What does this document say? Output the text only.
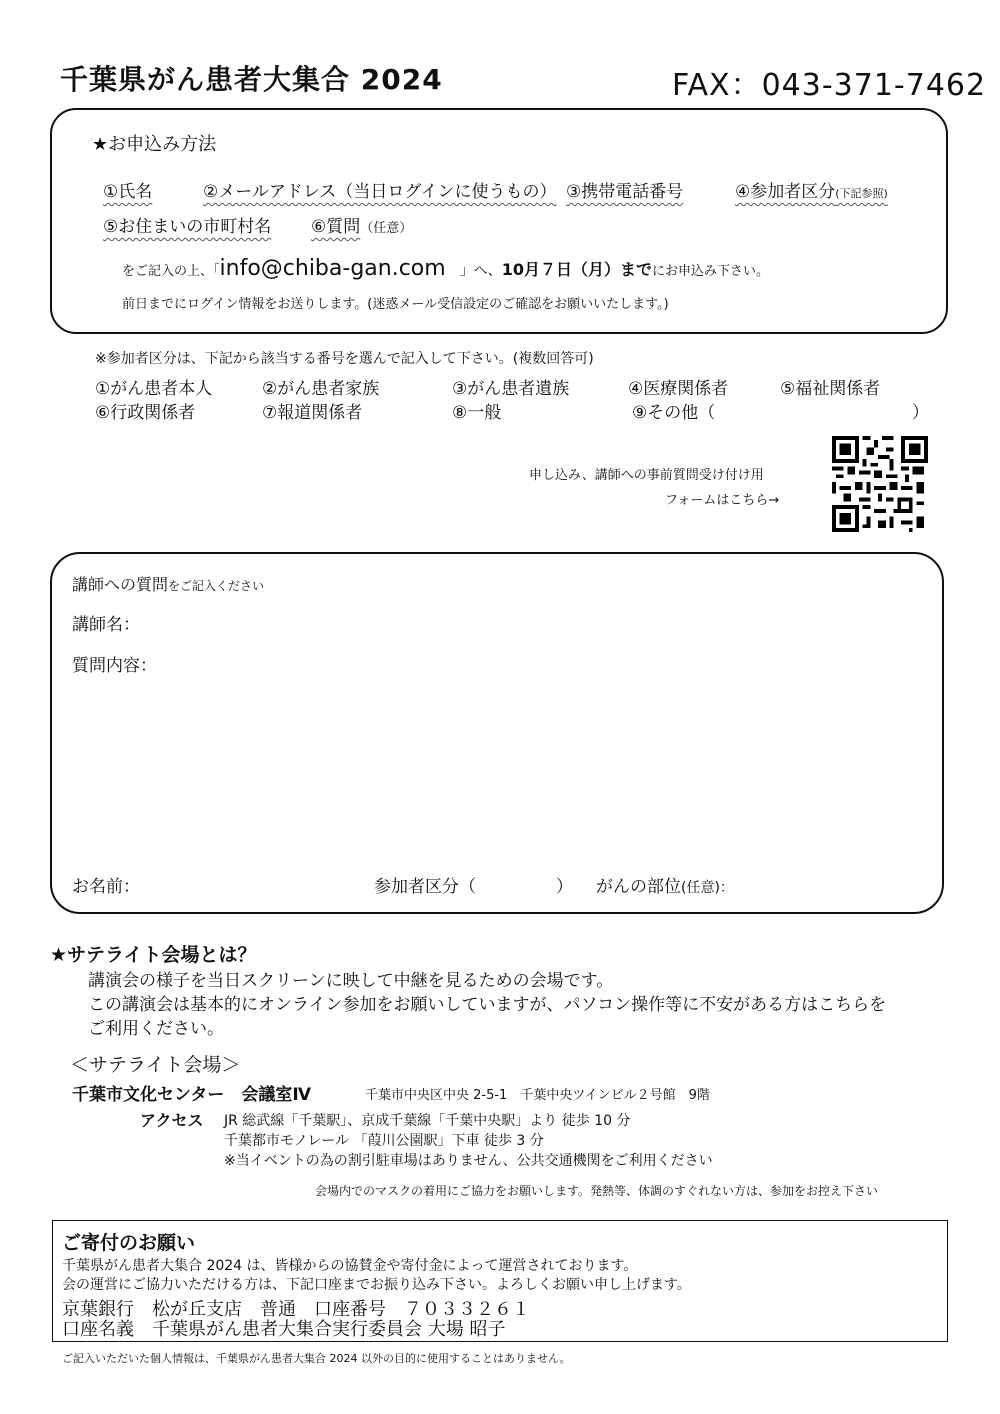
千葉県がん患者大集合 2024	FAX：043-371-7462
★お申込み方法
①氏名	②メールアドレス（当日ログインに使うもの） ③携帯電話番号	④参加者区分(下記参照)
⑤お住まいの市町村名 ⑥質問（任意）
をご記入の上、「info@chiba-gan.com 」へ、10月７日（月）までにお申込み下さい。
前日までにログイン情報をお送りします。(迷惑メール受信設定のご確認をお願いいたします。)
※参加者区分は、下記から該当する番号を選んで記入して下さい。(複数回答可)
①がん患者本人	②がん患者家族	③がん患者遺族	④医療関係者	⑤福祉関係者
⑥行政関係者	⑦報道関係者	⑧一般	⑨その他（	）
申し込み、講師への事前質問受け付け用
フォームはこちら→
講師への質問をご記入ください
講師名：
質問内容：
お名前：	参加者区分（	） がんの部位(任意)：
★サテライト会場とは？
講演会の様子を当日スクリーンに映して中継を見るための会場です。
この講演会は基本的にオンライン参加をお願いしていますが、パソコン操作等に不安がある方はこちらを
ご利用ください。
＜サテライト会場＞
千葉市文化センター　会議室Ⅳ	千葉市中央区中央 2-5-1　千葉中央ツインビル２号館　9階
アクセス JR 総武線「千葉駅」、京成千葉線「千葉中央駅」より 徒歩 10 分
千葉都市モノレール 「葭川公園駅」下車 徒歩 3 分
※当イベントの為の割引駐車場はありません、公共交通機関をご利用ください
会場内でのマスクの着用にご協力をお願いします。発熱等、体調のすぐれない方は、参加をお控え下さい
ご寄付のお願い
千葉県がん患者大集合 2024 は、皆様からの協賛金や寄付金によって運営されております。
会の運営にご協力いただける方は、下記口座までお振り込み下さい。よろしくお願い申し上げます。
京葉銀行　松が丘支店　普通　口座番号　７０３３２６１
口座名義　千葉県がん患者大集合実行委員会 大場 昭子
ご記入いただいた個人情報は、千葉県がん患者大集合 2024 以外の目的に使用することはありません。
